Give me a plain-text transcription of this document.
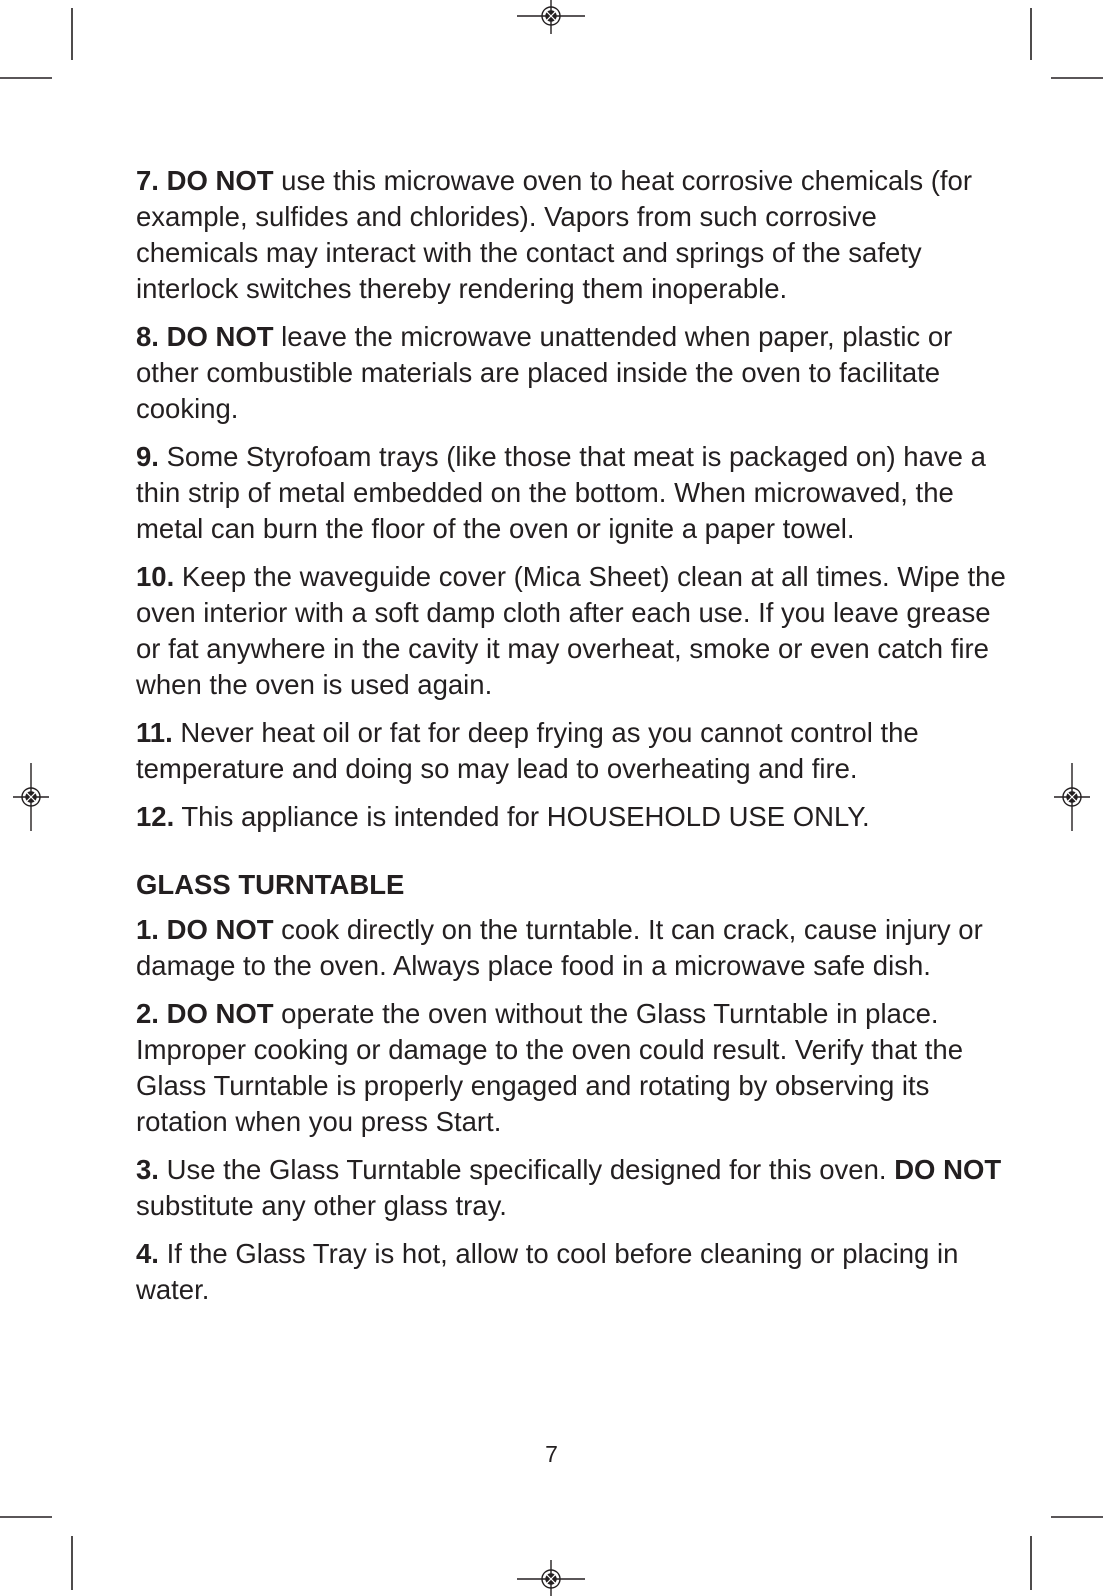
7. DO NOT use this microwave oven to heat corrosive chemicals (for example, sulfides and chlorides). Vapors from such corrosive chemicals may interact with the contact and springs of the safety interlock switches thereby rendering them inoperable.
8. DO NOT leave the microwave unattended when paper, plastic or other combustible materials are placed inside the oven to facilitate cooking.
9. Some Styrofoam trays (like those that meat is packaged on) have a thin strip of metal embedded on the bottom. When microwaved, the metal can burn the floor of the oven or ignite a paper towel.
10. Keep the waveguide cover (Mica Sheet) clean at all times. Wipe the oven interior with a soft damp cloth after each use. If you leave grease or fat anywhere in the cavity it may overheat, smoke or even catch fire when the oven is used again.
11. Never heat oil or fat for deep frying as you cannot control the temperature and doing so may lead to overheating and fire.
12. This appliance is intended for HOUSEHOLD USE ONLY.
GLASS TURNTABLE
1. DO NOT cook directly on the turntable. It can crack, cause injury or damage to the oven. Always place food in a microwave safe dish.
2. DO NOT operate the oven without the Glass Turntable in place. Improper cooking or damage to the oven could result. Verify that the Glass Turntable is properly engaged and rotating by observing its rotation when you press Start.
3. Use the Glass Turntable specifically designed for this oven. DO NOT substitute any other glass tray.
4. If the Glass Tray is hot, allow to cool before cleaning or placing in water.
7
